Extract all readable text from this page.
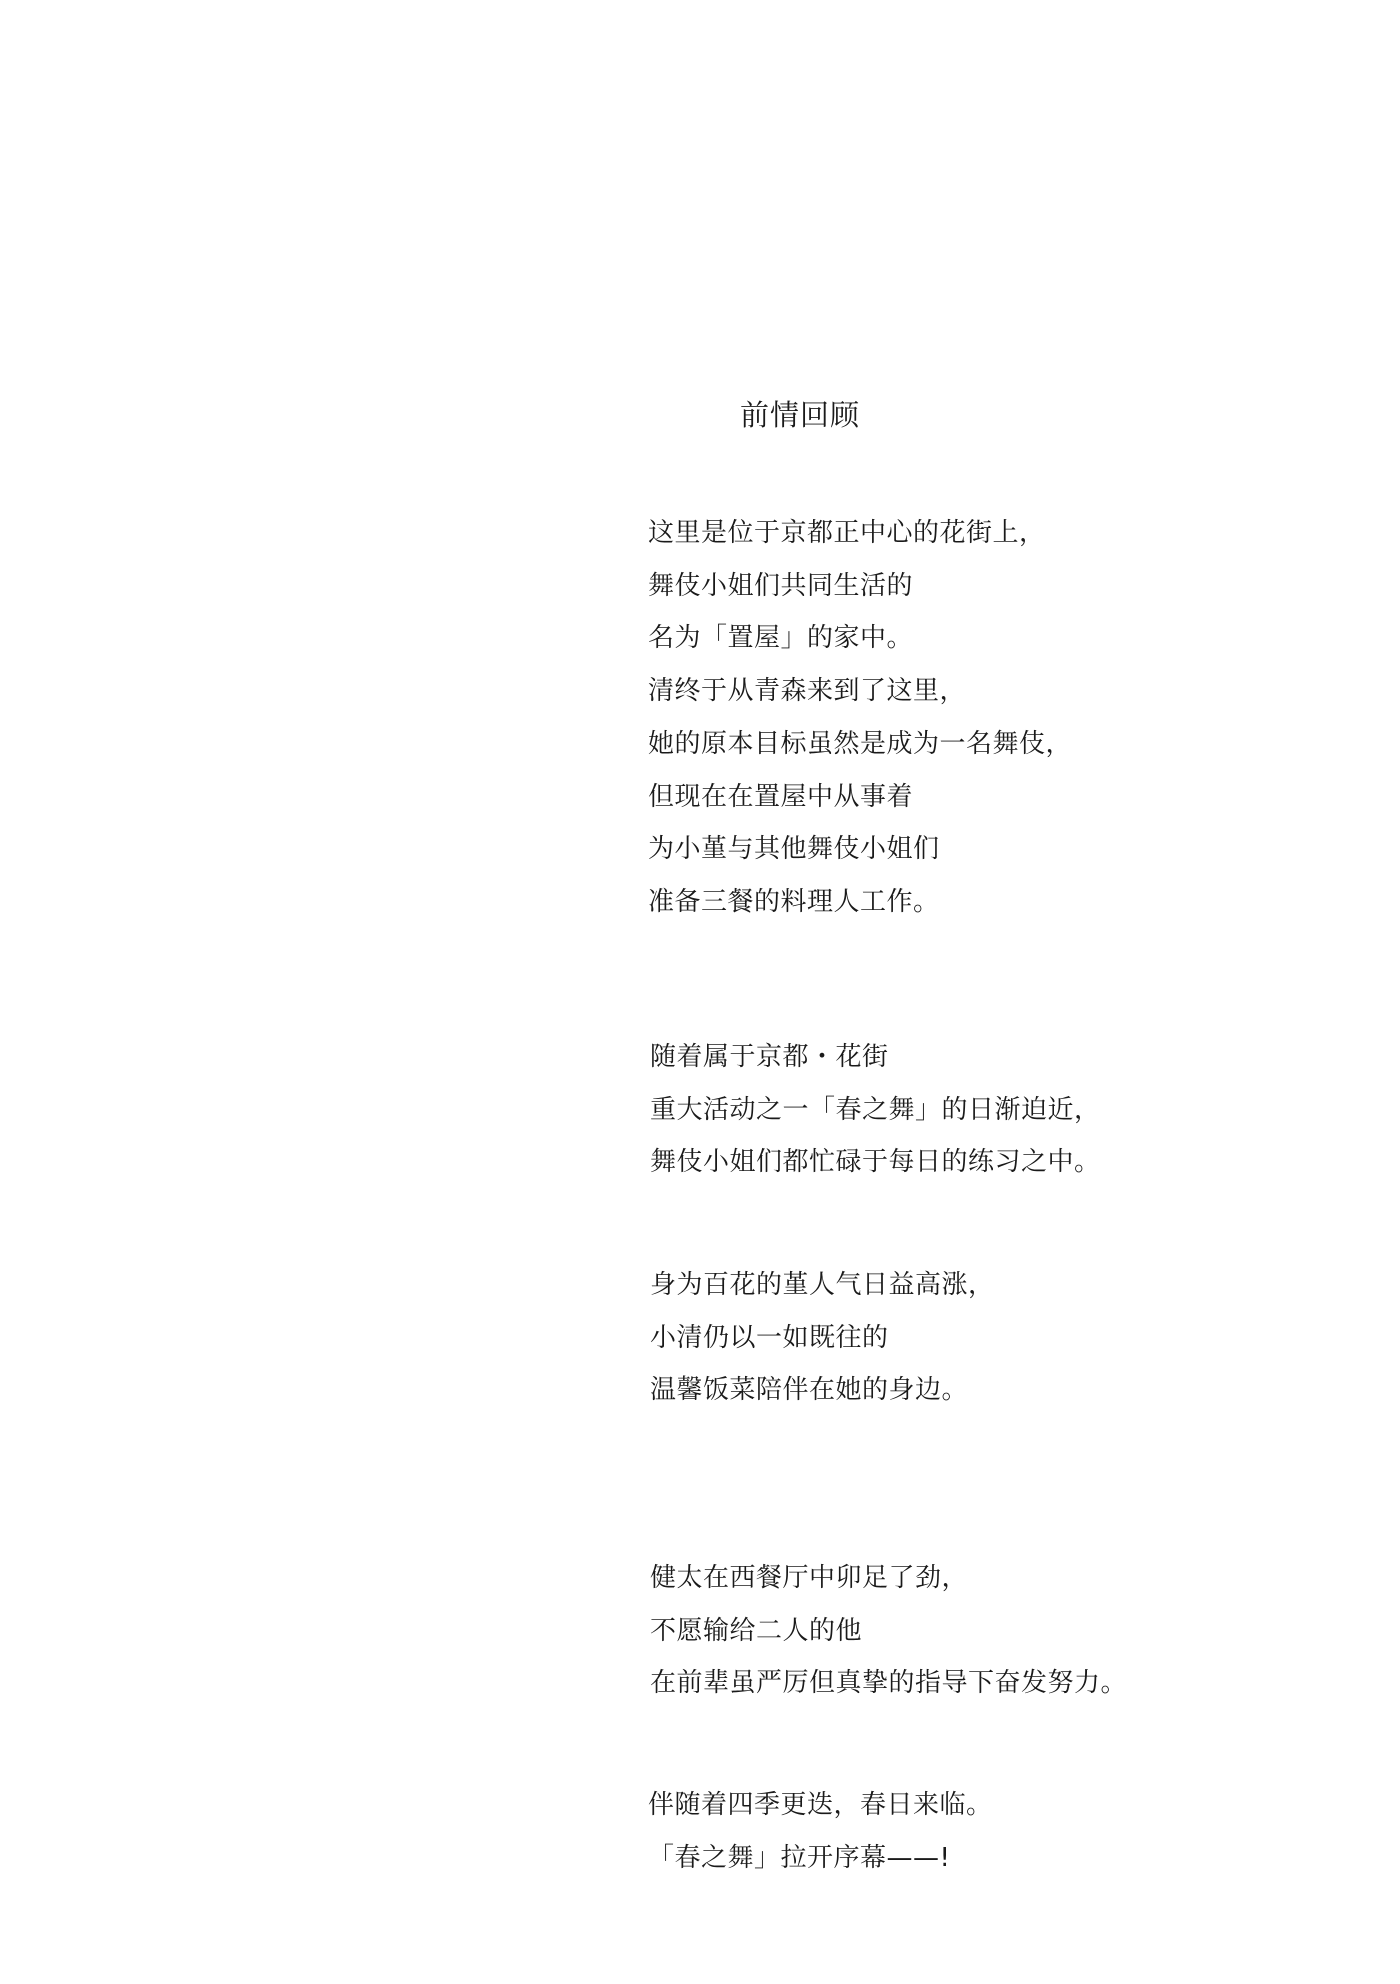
前情回顾
这里是位于京都正中心的花街上，
舞伎小姐们共同生活的
名为「置屋」的家中。
清终于从青森来到了这里，
她的原本目标虽然是成为一名舞伎，
但现在在置屋中从事着
为小堇与其他舞伎小姐们
准备三餐的料理人工作。
随着属于京都・花街
重大活动之一「春之舞」的日渐迫近，
舞伎小姐们都忙碌于每日的练习之中。
身为百花的堇人气日益高涨，
小清仍以一如既往的
温馨饭菜陪伴在她的身边。
健太在西餐厅中卯足了劲，
不愿输给二人的他
在前辈虽严厉但真挚的指导下奋发努力。
伴随着四季更迭，春日来临。
「春之舞」拉开序幕——!
